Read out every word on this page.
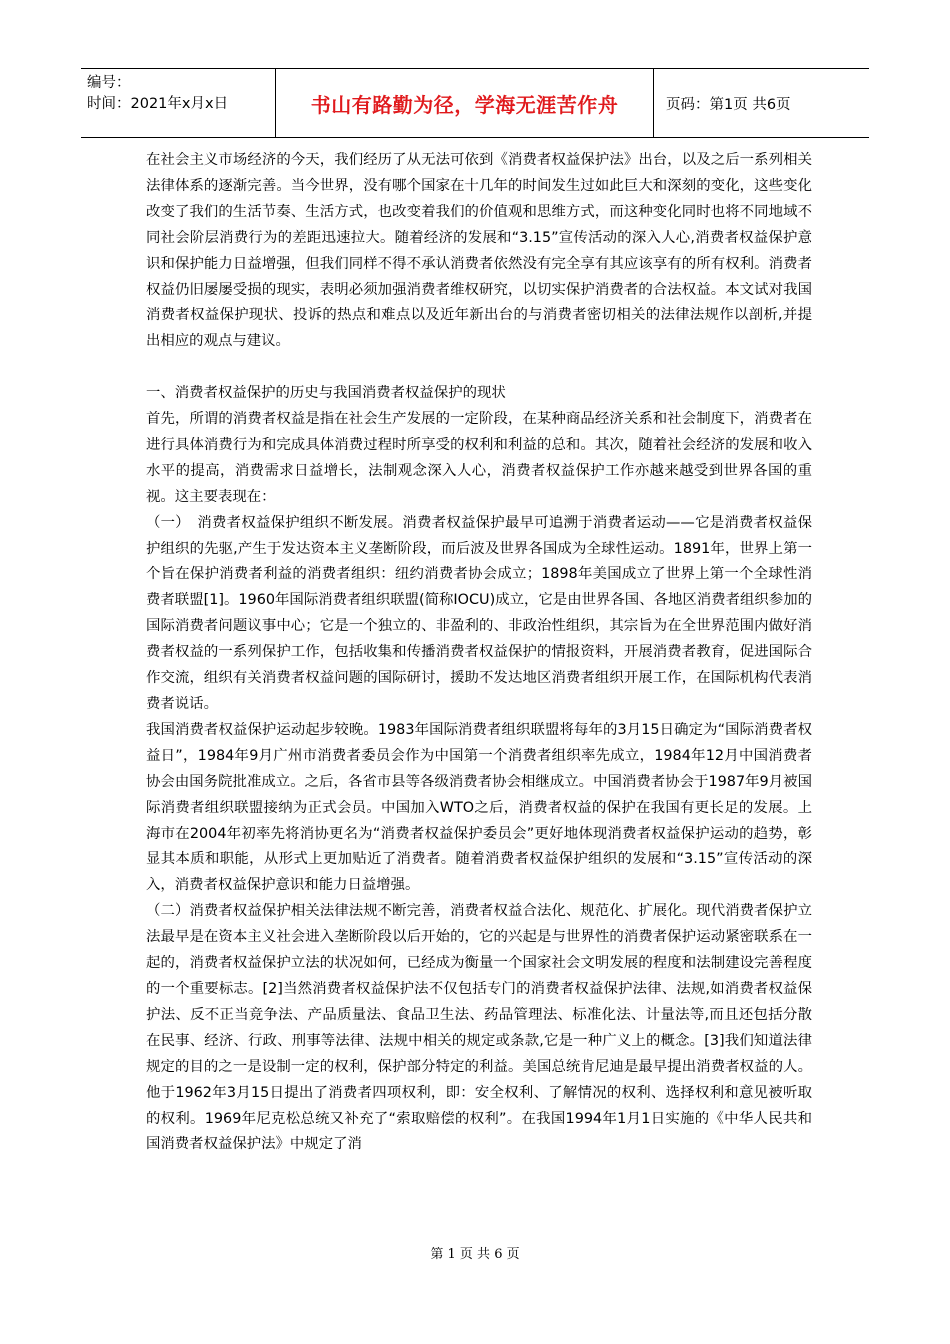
编号：
时间：2021年x月x日	书山有路勤为径，学海无涯苦作舟	页码：第1页 共6页

在社会主义市场经济的今天，我们经历了从无法可依到《消费者权益保护法》出台，以及之后一系列相关法律体系的逐渐完善。当今世界，没有哪个国家在十几年的时间发生过如此巨大和深刻的变化，这些变化改变了我们的生活节奏、生活方式，也改变着我们的价值观和思维方式，而这种变化同时也将不同地域不同社会阶层消费行为的差距迅速拉大。随着经济的发展和“3.15”宣传活动的深入人心,消费者权益保护意识和保护能力日益增强，但我们同样不得不承认消费者依然没有完全享有其应该享有的所有权利。消费者权益仍旧屡屡受损的现实，表明必须加强消费者维权研究，以切实保护消费者的合法权益。本文试对我国消费者权益保护现状、投诉的热点和难点以及近年新出台的与消费者密切相关的法律法规作以剖析,并提出相应的观点与建议。

一、消费者权益保护的历史与我国消费者权益保护的现状

首先，所谓的消费者权益是指在社会生产发展的一定阶段，在某种商品经济关系和社会制度下，消费者在进行具体消费行为和完成具体消费过程时所享受的权利和利益的总和。其次，随着社会经济的发展和收入水平的提高，消费需求日益增长，法制观念深入人心，消费者权益保护工作亦越来越受到世界各国的重视。这主要表现在：

（一）　消费者权益保护组织不断发展。消费者权益保护最早可追溯于消费者运动——它是消费者权益保护组织的先驱,产生于发达资本主义垄断阶段，而后波及世界各国成为全球性运动。1891年，世界上第一个旨在保护消费者利益的消费者组织：纽约消费者协会成立；1898年美国成立了世界上第一个全球性消费者联盟[1]。1960年国际消费者组织联盟(简称IOCU)成立，它是由世界各国、各地区消费者组织参加的国际消费者问题议事中心；它是一个独立的、非盈利的、非政治性组织，其宗旨为在全世界范围内做好消费者权益的一系列保护工作，包括收集和传播消费者权益保护的情报资料，开展消费者教育，促进国际合作交流，组织有关消费者权益问题的国际研讨，援助不发达地区消费者组织开展工作，在国际机构代表消费者说话。

我国消费者权益保护运动起步较晚。1983年国际消费者组织联盟将每年的3月15日确定为“国际消费者权益日”，1984年9月广州市消费者委员会作为中国第一个消费者组织率先成立，1984年12月中国消费者协会由国务院批准成立。之后，各省市县等各级消费者协会相继成立。中国消费者协会于1987年9月被国际消费者组织联盟接纳为正式会员。中国加入WTO之后，消费者权益的保护在我国有更长足的发展。上海市在2004年初率先将消协更名为“消费者权益保护委员会”更好地体现消费者权益保护运动的趋势，彰显其本质和职能，从形式上更加贴近了消费者。随着消费者权益保护组织的发展和“3.15”宣传活动的深入，消费者权益保护意识和能力日益增强。

（二）消费者权益保护相关法律法规不断完善，消费者权益合法化、规范化、扩展化。现代消费者保护立法最早是在资本主义社会进入垄断阶段以后开始的，它的兴起是与世界性的消费者保护运动紧密联系在一起的，消费者权益保护立法的状况如何，已经成为衡量一个国家社会文明发展的程度和法制建设完善程度的一个重要标志。[2]当然消费者权益保护法不仅包括专门的消费者权益保护法律、法规,如消费者权益保护法、反不正当竞争法、产品质量法、食品卫生法、药品管理法、标准化法、计量法等,而且还包括分散在民事、经济、行政、刑事等法律、法规中相关的规定或条款,它是一种广义上的概念。[3]我们知道法律规定的目的之一是设制一定的权利，保护部分特定的利益。美国总统肯尼迪是最早提出消费者权益的人。他于1962年3月15日提出了消费者四项权利，即：安全权利、了解情况的权利、选择权利和意见被听取的权利。1969年尼克松总统又补充了“索取赔偿的权利”。在我国1994年1月1日实施的《中华人民共和国消费者权益保护法》中规定了消

第 1 页 共 6 页
